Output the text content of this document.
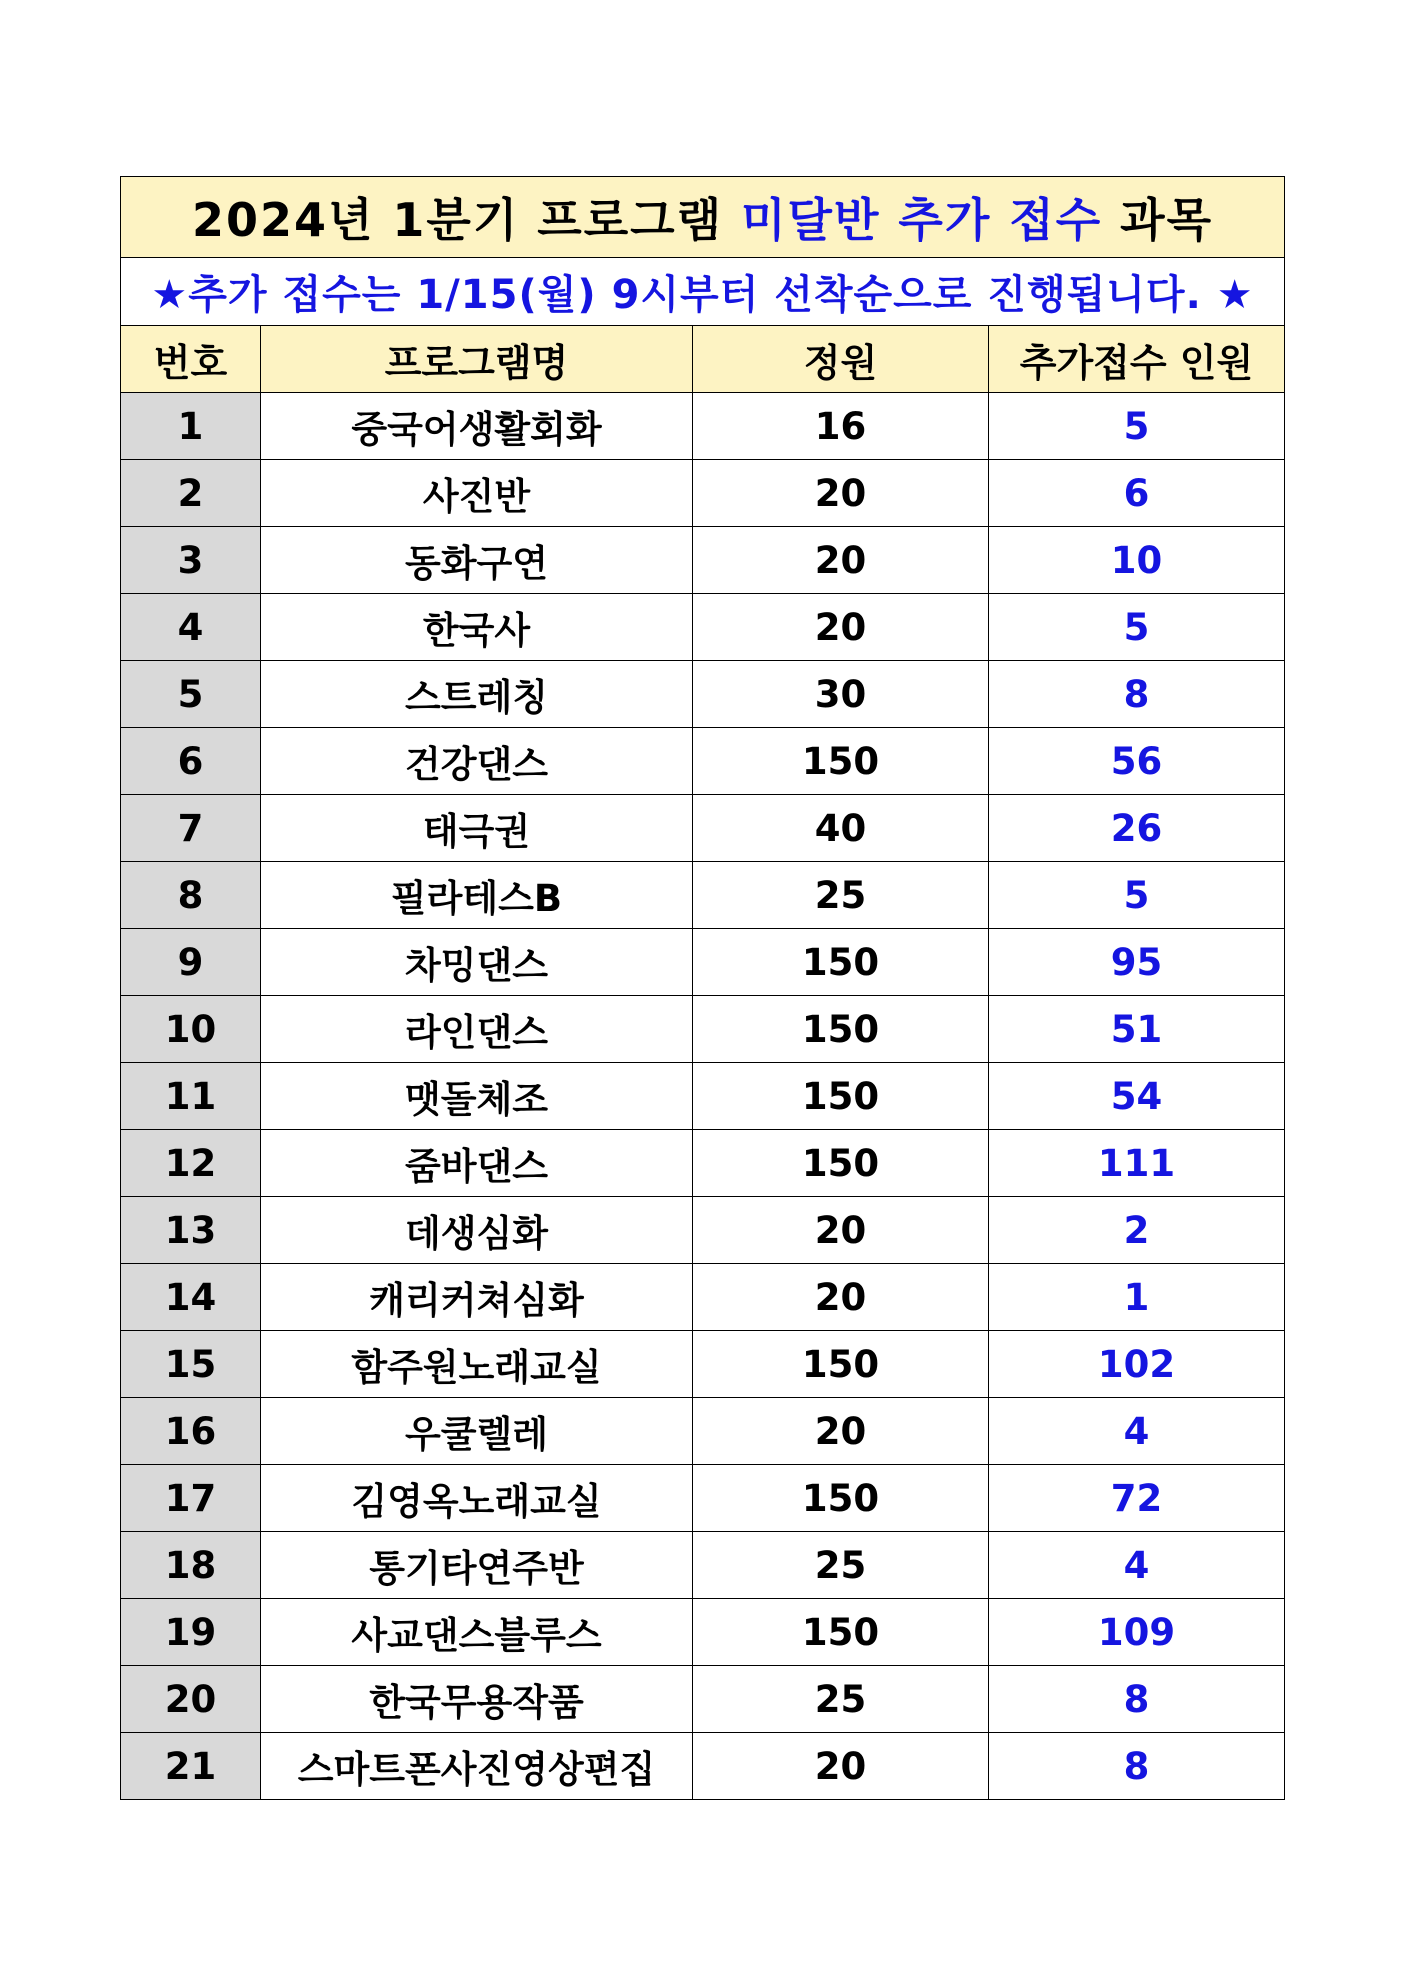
2024년 1분기 프로그램 미달반 추가 접수 과목			
★추가 접수는 1/15(월) 9시부터 선착순으로 진행됩니다. ★			
번호	프로그램명	정원	추가접수 인원
1	중국어생활회화	16	5
2	사진반	20	6
3	동화구연	20	10
4	한국사	20	5
5	스트레칭	30	8
6	건강댄스	150	56
7	태극권	40	26
8	필라테스B	25	5
9	차밍댄스	150	95
10	라인댄스	150	51
11	맷돌체조	150	54
12	줌바댄스	150	111
13	데생심화	20	2
14	캐리커쳐심화	20	1
15	함주원노래교실	150	102
16	우쿨렐레	20	4
17	김영옥노래교실	150	72
18	통기타연주반	25	4
19	사교댄스블루스	150	109
20	한국무용작품	25	8
21	스마트폰사진영상편집	20	8
